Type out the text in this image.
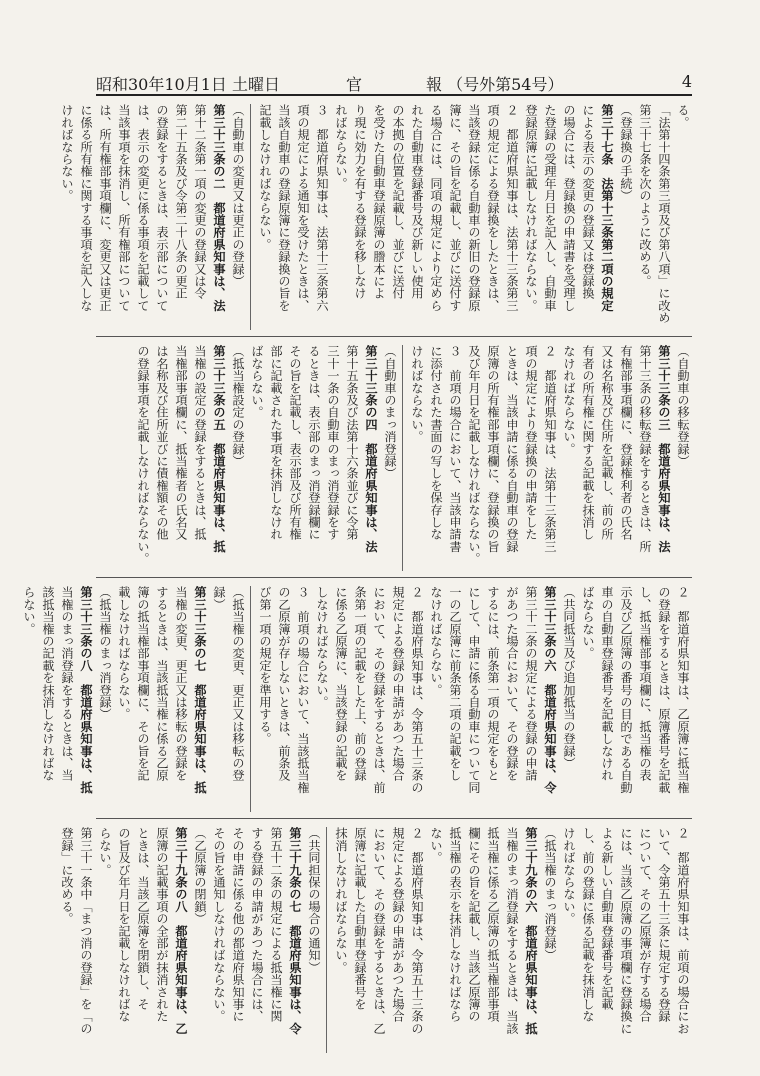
昭和30年10月1日 土曜日	官	報 （号外第54号）	4
る。
「法第十四条第三項及び第八項」に改め
第三十七条を次のように改める。
（登録換の手続）
第三十七条　法第十三条第二項の規定
による表示の変更の登録又は登録換
の場合には、登録換の申請書を受理し
た登録の受理年月日を記入し、自動車
登録原簿に記載しなければならない。
２　都道府県知事は、法第十三条第三
項の規定による登録換をしたときは、
当該登録に係る自動車の新旧の登録原
簿に、その旨を記載し、並びに送付す
る場合には、同項の規定により定めら
れた自動車登録番号及び新しい使用
の本拠の位置を記載し、並びに送付
を受けた自動車登録原簿の謄本によ
り現に効力を有する登録を移しなけ
ればならない。
３　都道府県知事は、法第十三条第六
項の規定による通知を受けたときは、
当該自動車の登録原簿に登録換の旨を
記載しなければならない。
（自動車の変更又は更正の登録）
第三十三条の二　都道府県知事は、法
第十二条第一項の変更の登録又は令
第二十五条及び令第二十八条の更正
の登録をするときは、表示部について
は、表示の変更に係る事項を記載して
当該事項を抹消し、所有権部について
は、所有権部事項欄に、変更又は更正
に係る所有権に関する事項を記入しな
ければならない。
（自動車の移転登録）
第三十三条の三　都道府県知事は、法
第十三条の移転登録をするときは、所
有権部事項欄に、登録権利者の氏名
又は名称及び住所を記載し、前の所
有者の所有権に関する記載を抹消し
なければならない。
２　都道府県知事は、法第十三条第三
項の規定により登録換の申請をした
ときは、当該申請に係る自動車の登録
原簿の所有権部事項欄に、登録換の旨
及び年月日を記載しなければならない。
３　前項の場合において、当該申請書
に添付された書面の写しを保存しな
ければならない。
（自動車のまっ消登録）
第三十三条の四　都道府県知事は、法
第十五条及び法第十六条並びに令第
三十一条の自動車のまっ消登録をす
るときは、表示部のまっ消登録欄に
その旨を記載し、表示部及び所有権
部に記載された事項を抹消しなけれ
ばならない。
（抵当権設定の登録）
第三十三条の五　都道府県知事は、抵
当権の設定の登録をするときは、抵
当権部事項欄に、抵当権者の氏名又
は名称及び住所並びに債権額その他
の登録事項を記載しなければならない。
２　都道府県知事は、乙原簿に抵当権
の登録をするときは、原簿番号を記載
し、抵当権部事項欄に、抵当権の表
示及び乙原簿の番号の目的である自動
車の自動車登録番号を記載しなけれ
ばならない。
（共同抵当及び追加抵当の登録）
第三十三条の六　都道府県知事は、令
第三十二条の規定による登録の申請
があつた場合において、その登録を
するには、前条第一項の規定をもと
にして、申請に係る自動車について同
一の乙原簿に前条第二項の記載をし
なければならない。
２　都道府県知事は、令第五十三条の
規定による登録の申請があつた場合
において、その登録をするときは、前
条第一項の記載をした上、前の登録
に係る乙原簿に、当該登録の記載を
しなければならない。
３　前項の場合において、当該抵当権
の乙原簿が存しないときは、前条及
び第一項の規定を準用する。
（抵当権の変更、更正又は移転の登
録）
第三十三条の七　都道府県知事は、抵
当権の変更、更正又は移転の登録を
するときは、当該抵当権に係る乙原
簿の抵当権部事項欄に、その旨を記
載しなければならない。
（抵当権のまっ消登録）
第三十三条の八　都道府県知事は、抵
当権のまっ消登録をするときは、当
該抵当権の記載を抹消しなければな
らない。
２　都道府県知事は、前項の場合にお
いて、令第五十三条に規定する登録
について、その乙原簿が存する場合
には、当該乙原簿の事項欄に登録換に
よる新しい自動車登録番号を記載
し、前の登録に係る記載を抹消しな
ければならない。
（抵当権のまっ消登録）
第三十九条の六　都道府県知事は、抵
当権のまっ消登録をするときは、当該
抵当権に係る乙原簿の抵当権部事項
欄にその旨を記載し、当該乙原簿の
抵当権の表示を抹消しなければなら
ない。
２　都道府県知事は、令第五十三条の
規定による登録の申請があつた場合
において、その登録をするときは、乙
原簿に記載した自動車登録番号を
抹消しなければならない。
（共同担保の場合の通知）
第三十九条の七　都道府県知事は、令
第五十二条の規定による抵当権に関
する登録の申請があつた場合には、
その申請に係る他の都道府県知事に
その旨を通知しなければならない。
（乙原簿の閉鎖）
第三十九条の八　都道府県知事は、乙
原簿の記載事項の全部が抹消された
ときは、当該乙原簿を閉鎖し、そ
の旨及び年月日を記載しなければな
らない。
第三十一条中「まつ消の登録」を「の
登録」に改める。
